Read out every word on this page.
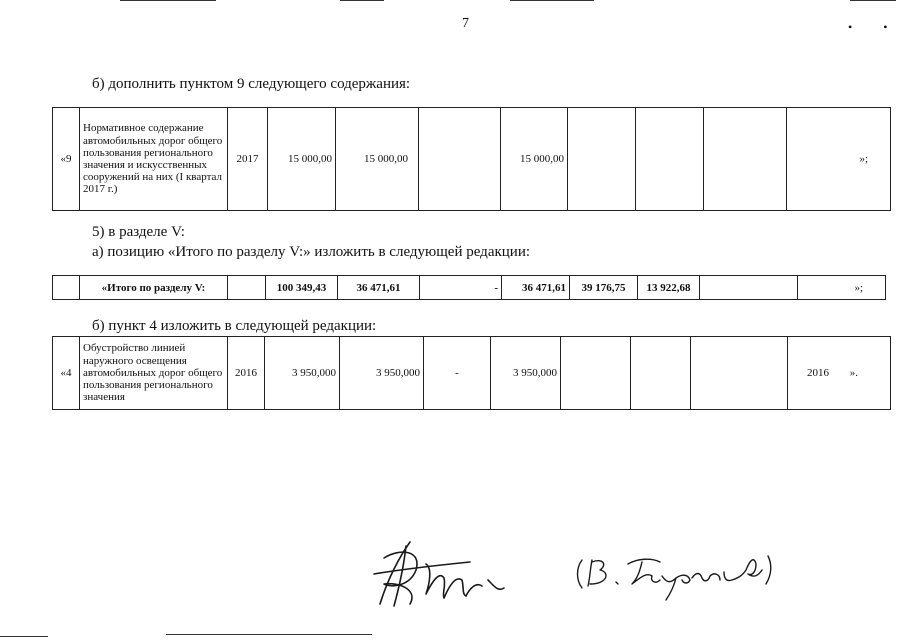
7	• •
б) дополнить пунктом 9 следующего содержания:
«9	Нормативное содержание автомобильных дорог общего пользования регионального значения и искусственных сооружений на них (I квартал 2017 г.)	2017	15 000,00	15 000,00		15 000,00				»;
5) в разделе V:
а) позицию «Итого по разделу V:» изложить в следующей редакции:
	«Итого по разделу V:		100 349,43	36 471,61	-	36 471,61	39 176,75	13 922,68		»;
б) пункт 4 изложить в следующей редакции:
«4	Обустройство линией наружного освещения автомобильных дорог общего пользования регионального значения	2016	3 950,000	3 950,000	-	3 950,000				2016 ».
